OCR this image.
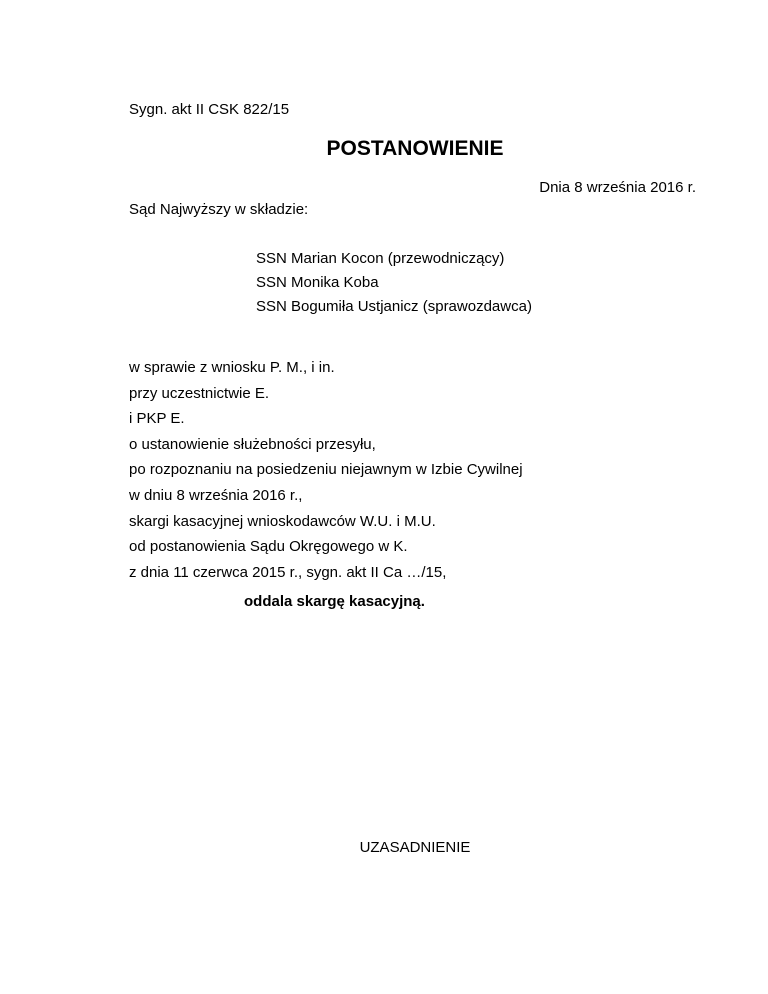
Sygn. akt II CSK 822/15
POSTANOWIENIE
Dnia 8 września 2016 r.
Sąd Najwyższy w składzie:
SSN Marian Kocon (przewodniczący)
SSN Monika Koba
SSN Bogumiła Ustjanicz (sprawozdawca)
w sprawie z wniosku P. M., i in.
przy uczestnictwie E.
i PKP E.
o ustanowienie służebności przesyłu,
po rozpoznaniu na posiedzeniu niejawnym w Izbie Cywilnej
w dniu 8 września 2016 r.,
skargi kasacyjnej wnioskodawców W.U. i M.U.
od postanowienia Sądu Okręgowego w K.
z dnia 11 czerwca 2015 r., sygn. akt II Ca …/15,
oddala skargę kasacyjną.
UZASADNIENIE
